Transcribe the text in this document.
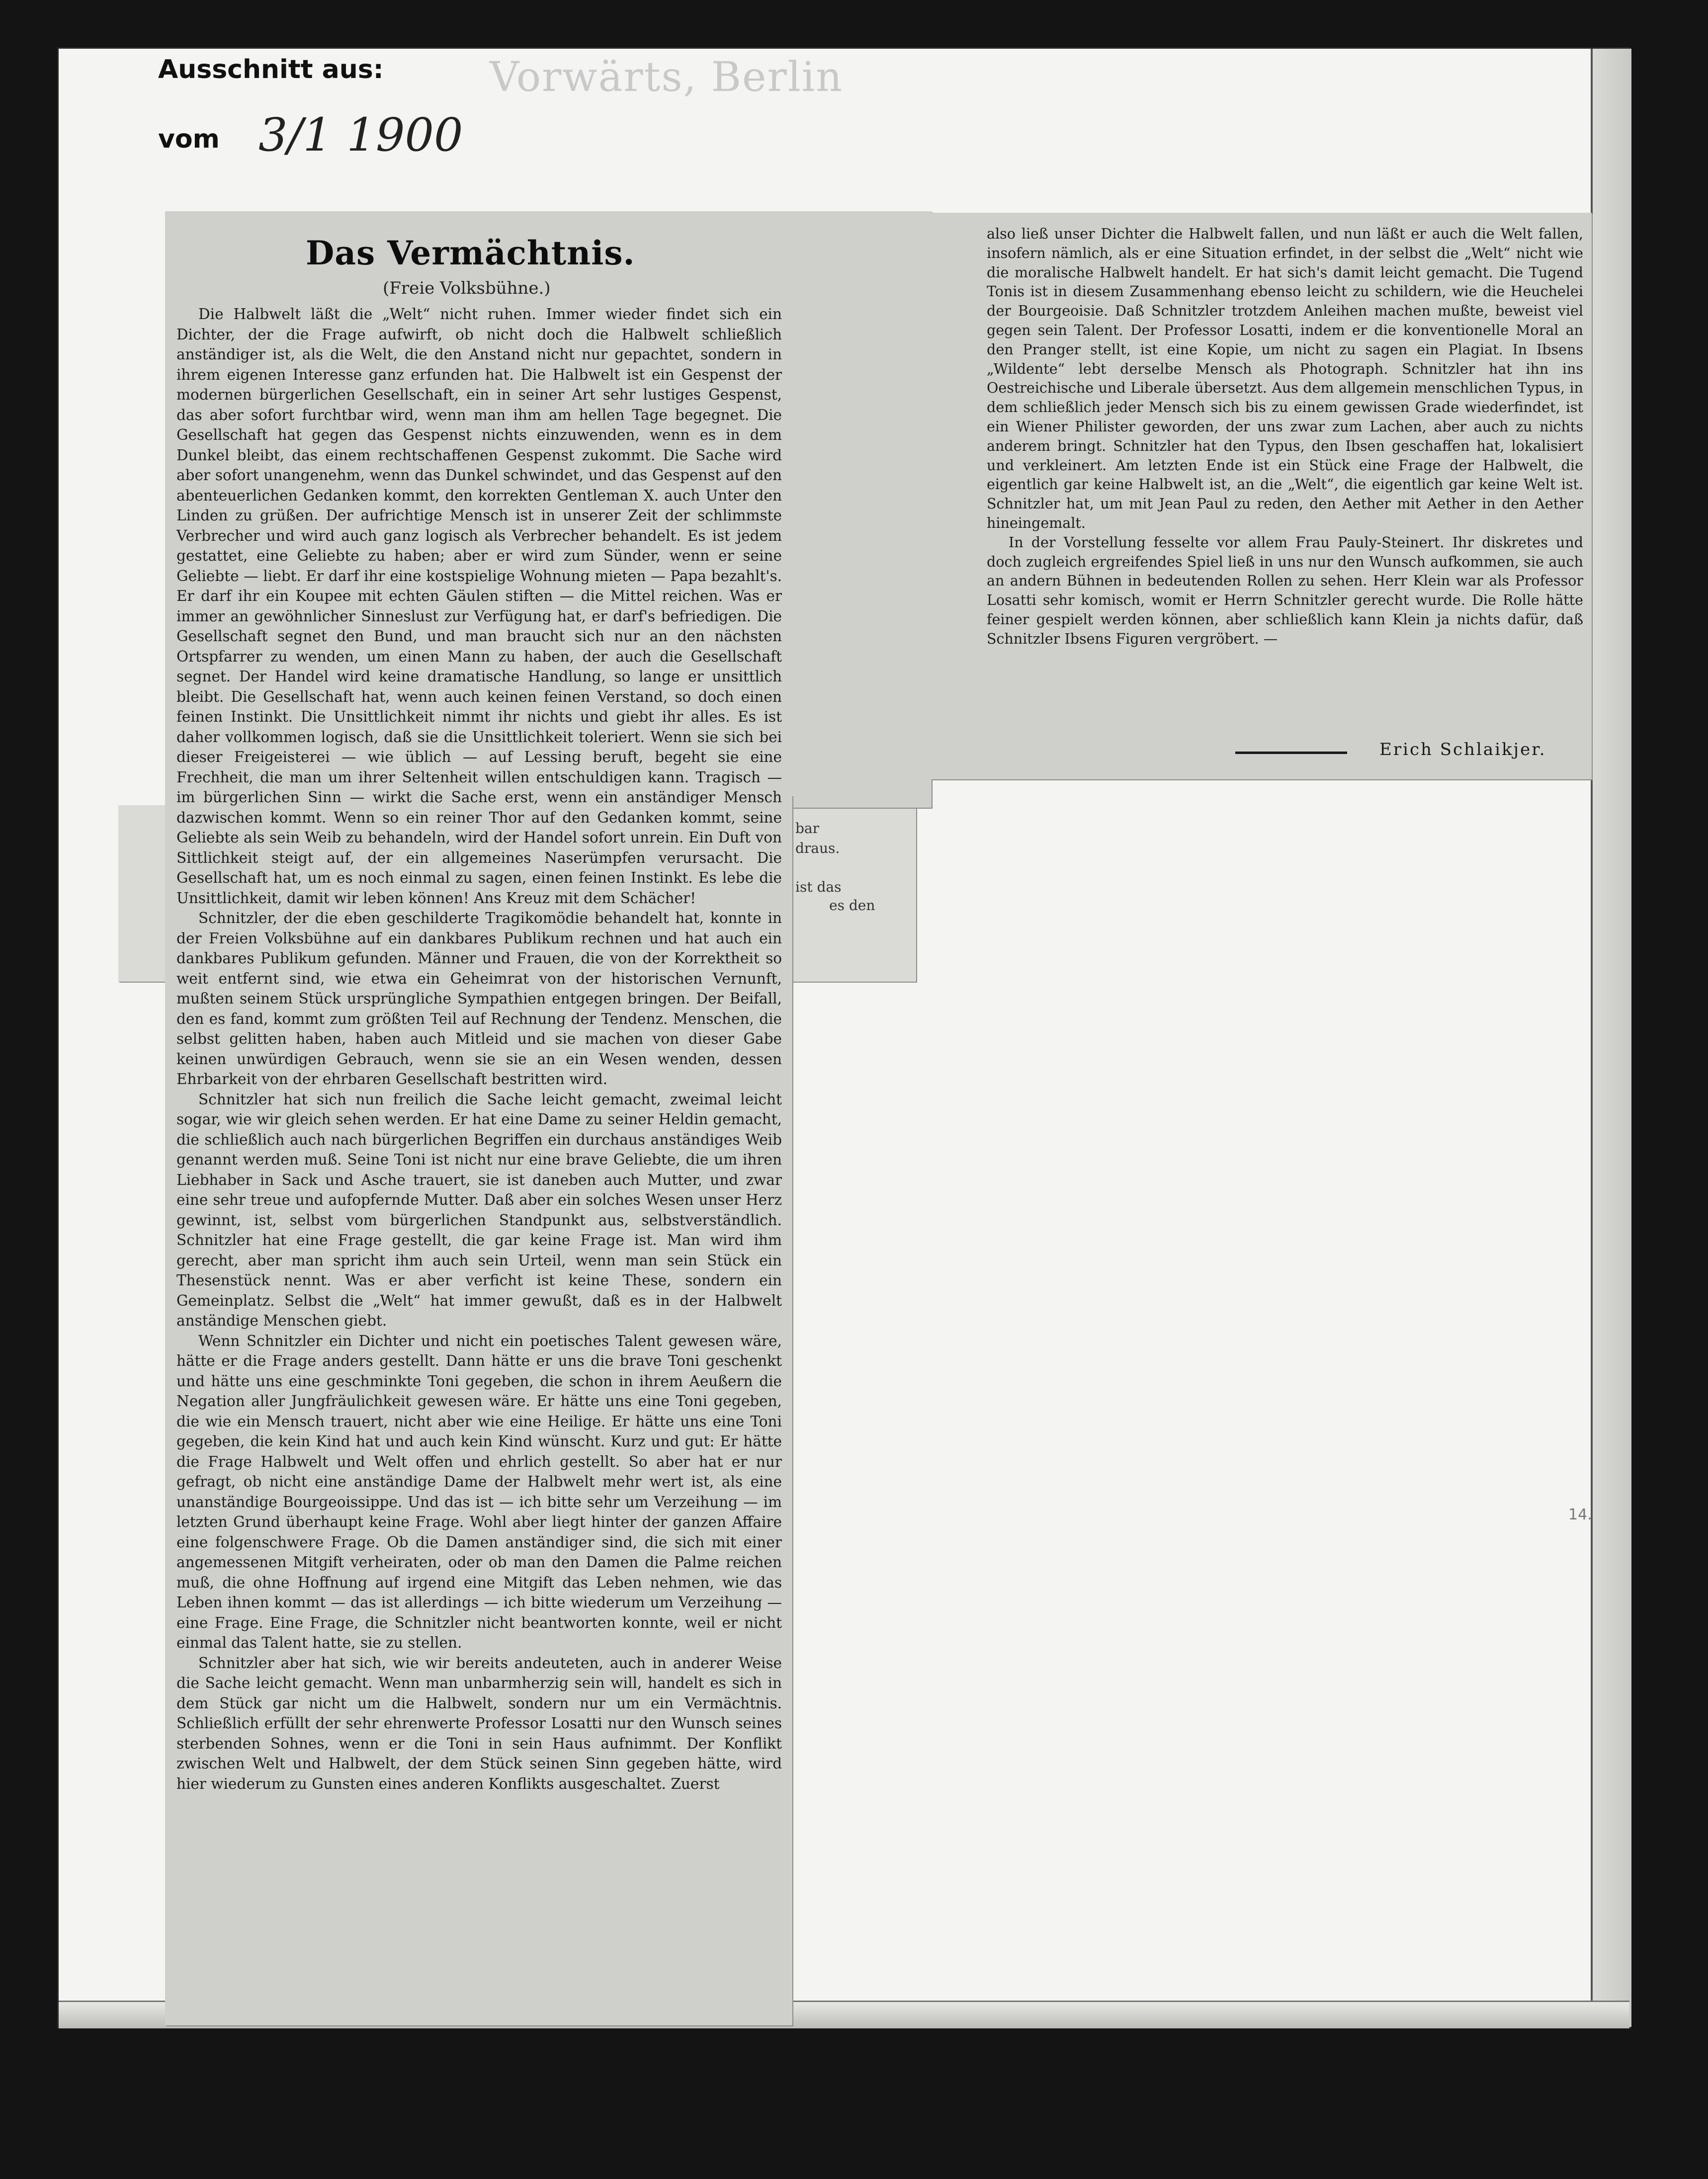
Ausschnitt aus:	Vorwärts, Berlin
vom 3/1 1900
bar
draus.
ist das
es den
Das Vermächtnis.
(Freie Volksbühne.)

Die Halbwelt läßt die „Welt“ nicht ruhen. Immer wieder findet sich ein Dichter, der die Frage aufwirft, ob nicht doch die Halbwelt schließlich anständiger ist, als die Welt, die den Anstand nicht nur gepachtet, sondern in ihrem eigenen Interesse ganz erfunden hat. Die Halbwelt ist ein Gespenst der modernen bürgerlichen Gesellschaft, ein in seiner Art sehr lustiges Gespenst, das aber sofort furchtbar wird, wenn man ihm am hellen Tage begegnet. Die Gesellschaft hat gegen das Gespenst nichts einzuwenden, wenn es in dem Dunkel bleibt, das einem rechtschaffenen Gespenst zukommt. Die Sache wird aber sofort unangenehm, wenn das Dunkel schwindet, und das Gespenst auf den abenteuerlichen Gedanken kommt, den korrekten Gentleman X. auch Unter den Linden zu grüßen. Der aufrichtige Mensch ist in unserer Zeit der schlimmste Verbrecher und wird auch ganz logisch als Verbrecher behandelt. Es ist jedem gestattet, eine Geliebte zu haben; aber er wird zum Sünder, wenn er seine Geliebte — liebt. Er darf ihr eine kostspielige Wohnung mieten — Papa bezahlt's. Er darf ihr ein Koupee mit echten Gäulen stiften — die Mittel reichen. Was er immer an gewöhnlicher Sinneslust zur Verfügung hat, er darf's befriedigen. Die Gesellschaft segnet den Bund, und man braucht sich nur an den nächsten Ortspfarrer zu wenden, um einen Mann zu haben, der auch die Gesellschaft segnet. Der Handel wird keine dramatische Handlung, so lange er unsittlich bleibt. Die Gesellschaft hat, wenn auch keinen feinen Verstand, so doch einen feinen Instinkt. Die Unsittlichkeit nimmt ihr nichts und giebt ihr alles. Es ist daher vollkommen logisch, daß sie die Unsittlichkeit toleriert. Wenn sie sich bei dieser Freigeisterei — wie üblich — auf Lessing beruft, begeht sie eine Frechheit, die man um ihrer Seltenheit willen entschuldigen kann. Tragisch — im bürgerlichen Sinn — wirkt die Sache erst, wenn ein anständiger Mensch dazwischen kommt. Wenn so ein reiner Thor auf den Gedanken kommt, seine Geliebte als sein Weib zu behandeln, wird der Handel sofort unrein. Ein Duft von Sittlichkeit steigt auf, der ein allgemeines Naserümpfen verursacht. Die Gesellschaft hat, um es noch einmal zu sagen, einen feinen Instinkt. Es lebe die Unsittlichkeit, damit wir leben können! Ans Kreuz mit dem Schächer!

Schnitzler, der die eben geschilderte Tragikomödie behandelt hat, konnte in der Freien Volksbühne auf ein dankbares Publikum rechnen und hat auch ein dankbares Publikum gefunden. Männer und Frauen, die von der Korrektheit so weit entfernt sind, wie etwa ein Geheimrat von der historischen Vernunft, mußten seinem Stück ursprüngliche Sympathien entgegen bringen. Der Beifall, den es fand, kommt zum größten Teil auf Rechnung der Tendenz. Menschen, die selbst gelitten haben, haben auch Mitleid und sie machen von dieser Gabe keinen unwürdigen Gebrauch, wenn sie sie an ein Wesen wenden, dessen Ehrbarkeit von der ehrbaren Gesellschaft bestritten wird.

Schnitzler hat sich nun freilich die Sache leicht gemacht, zweimal leicht sogar, wie wir gleich sehen werden. Er hat eine Dame zu seiner Heldin gemacht, die schließlich auch nach bürgerlichen Begriffen ein durchaus anständiges Weib genannt werden muß. Seine Toni ist nicht nur eine brave Geliebte, die um ihren Liebhaber in Sack und Asche trauert, sie ist daneben auch Mutter, und zwar eine sehr treue und aufopfernde Mutter. Daß aber ein solches Wesen unser Herz gewinnt, ist, selbst vom bürgerlichen Standpunkt aus, selbstverständlich. Schnitzler hat eine Frage gestellt, die gar keine Frage ist. Man wird ihm gerecht, aber man spricht ihm auch sein Urteil, wenn man sein Stück ein Thesenstück nennt. Was er aber verficht ist keine These, sondern ein Gemeinplatz. Selbst die „Welt“ hat immer gewußt, daß es in der Halbwelt anständige Menschen giebt.

Wenn Schnitzler ein Dichter und nicht ein poetisches Talent gewesen wäre, hätte er die Frage anders gestellt. Dann hätte er uns die brave Toni geschenkt und hätte uns eine geschminkte Toni gegeben, die schon in ihrem Aeußern die Negation aller Jungfräulichkeit gewesen wäre. Er hätte uns eine Toni gegeben, die wie ein Mensch trauert, nicht aber wie eine Heilige. Er hätte uns eine Toni gegeben, die kein Kind hat und auch kein Kind wünscht. Kurz und gut: Er hätte die Frage Halbwelt und Welt offen und ehrlich gestellt. So aber hat er nur gefragt, ob nicht eine anständige Dame der Halbwelt mehr wert ist, als eine unanständige Bourgeoissippe. Und das ist — ich bitte sehr um Verzeihung — im letzten Grund überhaupt keine Frage. Wohl aber liegt hinter der ganzen Affaire eine folgenschwere Frage. Ob die Damen anständiger sind, die sich mit einer angemessenen Mitgift verheiraten, oder ob man den Damen die Palme reichen muß, die ohne Hoffnung auf irgend eine Mitgift das Leben nehmen, wie das Leben ihnen kommt — das ist allerdings — ich bitte wiederum um Verzeihung — eine Frage. Eine Frage, die Schnitzler nicht beantworten konnte, weil er nicht einmal das Talent hatte, sie zu stellen.

Schnitzler aber hat sich, wie wir bereits andeuteten, auch in anderer Weise die Sache leicht gemacht. Wenn man unbarmherzig sein will, handelt es sich in dem Stück gar nicht um die Halbwelt, sondern nur um ein Vermächtnis. Schließlich erfüllt der sehr ehrenwerte Professor Losatti nur den Wunsch seines sterbenden Sohnes, wenn er die Toni in sein Haus aufnimmt. Der Konflikt zwischen Welt und Halbwelt, der dem Stück seinen Sinn gegeben hätte, wird hier wiederum zu Gunsten eines anderen Konflikts ausgeschaltet. Zuerst

also ließ unser Dichter die Halbwelt fallen, und nun läßt er auch die Welt fallen, insofern nämlich, als er eine Situation erfindet, in der selbst die „Welt“ nicht wie die moralische Halbwelt handelt. Er hat sich's damit leicht gemacht. Die Tugend Tonis ist in diesem Zusammenhang ebenso leicht zu schildern, wie die Heuchelei der Bourgeoisie. Daß Schnitzler trotzdem Anleihen machen mußte, beweist viel gegen sein Talent. Der Professor Losatti, indem er die konventionelle Moral an den Pranger stellt, ist eine Kopie, um nicht zu sagen ein Plagiat. In Ibsens „Wildente“ lebt derselbe Mensch als Photograph. Schnitzler hat ihn ins Oestreichische und Liberale übersetzt. Aus dem allgemein menschlichen Typus, in dem schließlich jeder Mensch sich bis zu einem gewissen Grade wiederfindet, ist ein Wiener Philister geworden, der uns zwar zum Lachen, aber auch zu nichts anderem bringt. Schnitzler hat den Typus, den Ibsen geschaffen hat, lokalisiert und verkleinert. Am letzten Ende ist ein Stück eine Frage der Halbwelt, die eigentlich gar keine Halbwelt ist, an die „Welt“, die eigentlich gar keine Welt ist. Schnitzler hat, um mit Jean Paul zu reden, den Aether mit Aether in den Aether hineingemalt.

In der Vorstellung fesselte vor allem Frau Pauly-Steinert. Ihr diskretes und doch zugleich ergreifendes Spiel ließ in uns nur den Wunsch aufkommen, sie auch an andern Bühnen in bedeutenden Rollen zu sehen. Herr Klein war als Professor Losatti sehr komisch, womit er Herrn Schnitzler gerecht wurde. Die Rolle hätte feiner gespielt werden können, aber schließlich kann Klein ja nichts dafür, daß Schnitzler Ibsens Figuren vergröbert. —

Erich Schlaikjer.
14.
